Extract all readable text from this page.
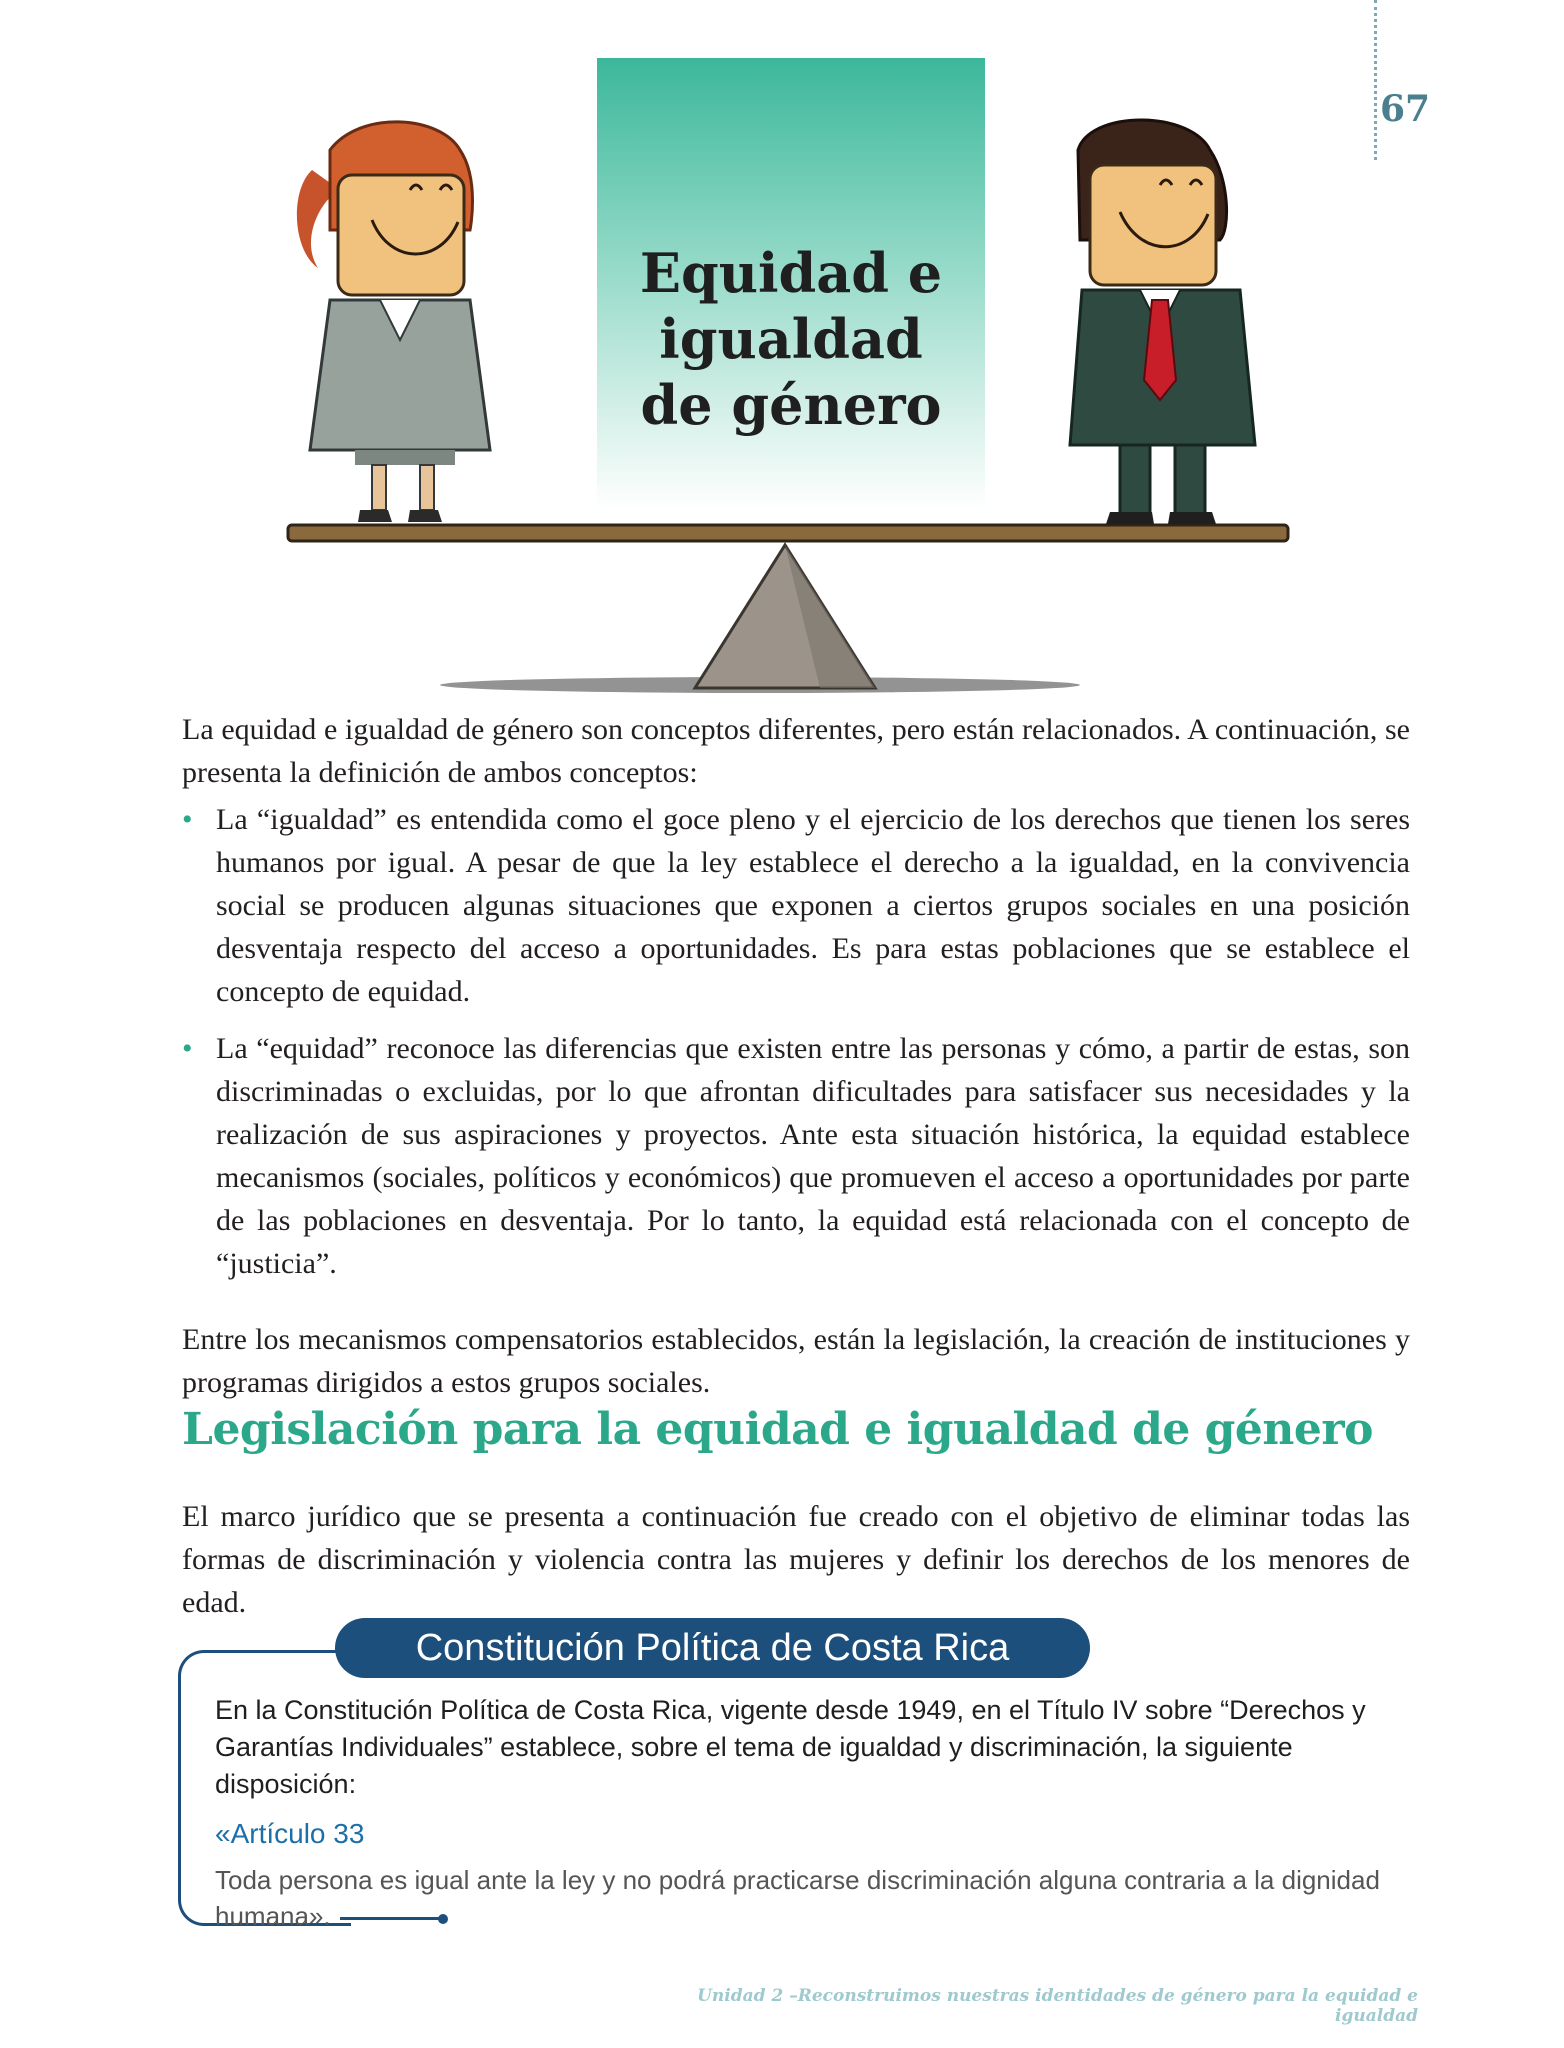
67
Equidad e
igualdad
de género
La equidad e igualdad de género son conceptos diferentes, pero están relacionados. A continuación, se presenta la definición de ambos conceptos:
• La “igualdad” es entendida como el goce pleno y el ejercicio de los derechos que tienen los seres humanos por igual. A pesar de que la ley establece el derecho a la igualdad, en la convivencia social se producen algunas situaciones que exponen a ciertos grupos sociales en una posición desventaja respecto del acceso a oportunidades. Es para estas poblaciones que se establece el concepto de equidad.
• La “equidad” reconoce las diferencias que existen entre las personas y cómo, a partir de estas, son discriminadas o excluidas, por lo que afrontan dificultades para satisfacer sus necesidades y la realización de sus aspiraciones y proyectos. Ante esta situación histórica, la equidad establece mecanismos (sociales, políticos y económicos) que promueven el acceso a oportunidades por parte de las poblaciones en desventaja. Por lo tanto, la equidad está relacionada con el concepto de “justicia”.
Entre los mecanismos compensatorios establecidos, están la legislación, la creación de instituciones y programas dirigidos a estos grupos sociales.
Legislación para la equidad e igualdad de género
El marco jurídico que se presenta a continuación fue creado con el objetivo de eliminar todas las formas de discriminación y violencia contra las mujeres y definir los derechos de los menores de edad.
Constitución Política de Costa Rica
En la Constitución Política de Costa Rica, vigente desde 1949, en el Título IV sobre “Derechos y Garantías Individuales” establece, sobre el tema de igualdad y discriminación, la siguiente disposición:
«Artículo 33
Toda persona es igual ante la ley y no podrá practicarse discriminación alguna contraria a la dignidad humana».
Unidad 2 –Reconstruimos nuestras identidades de género para la equidad e igualdad
